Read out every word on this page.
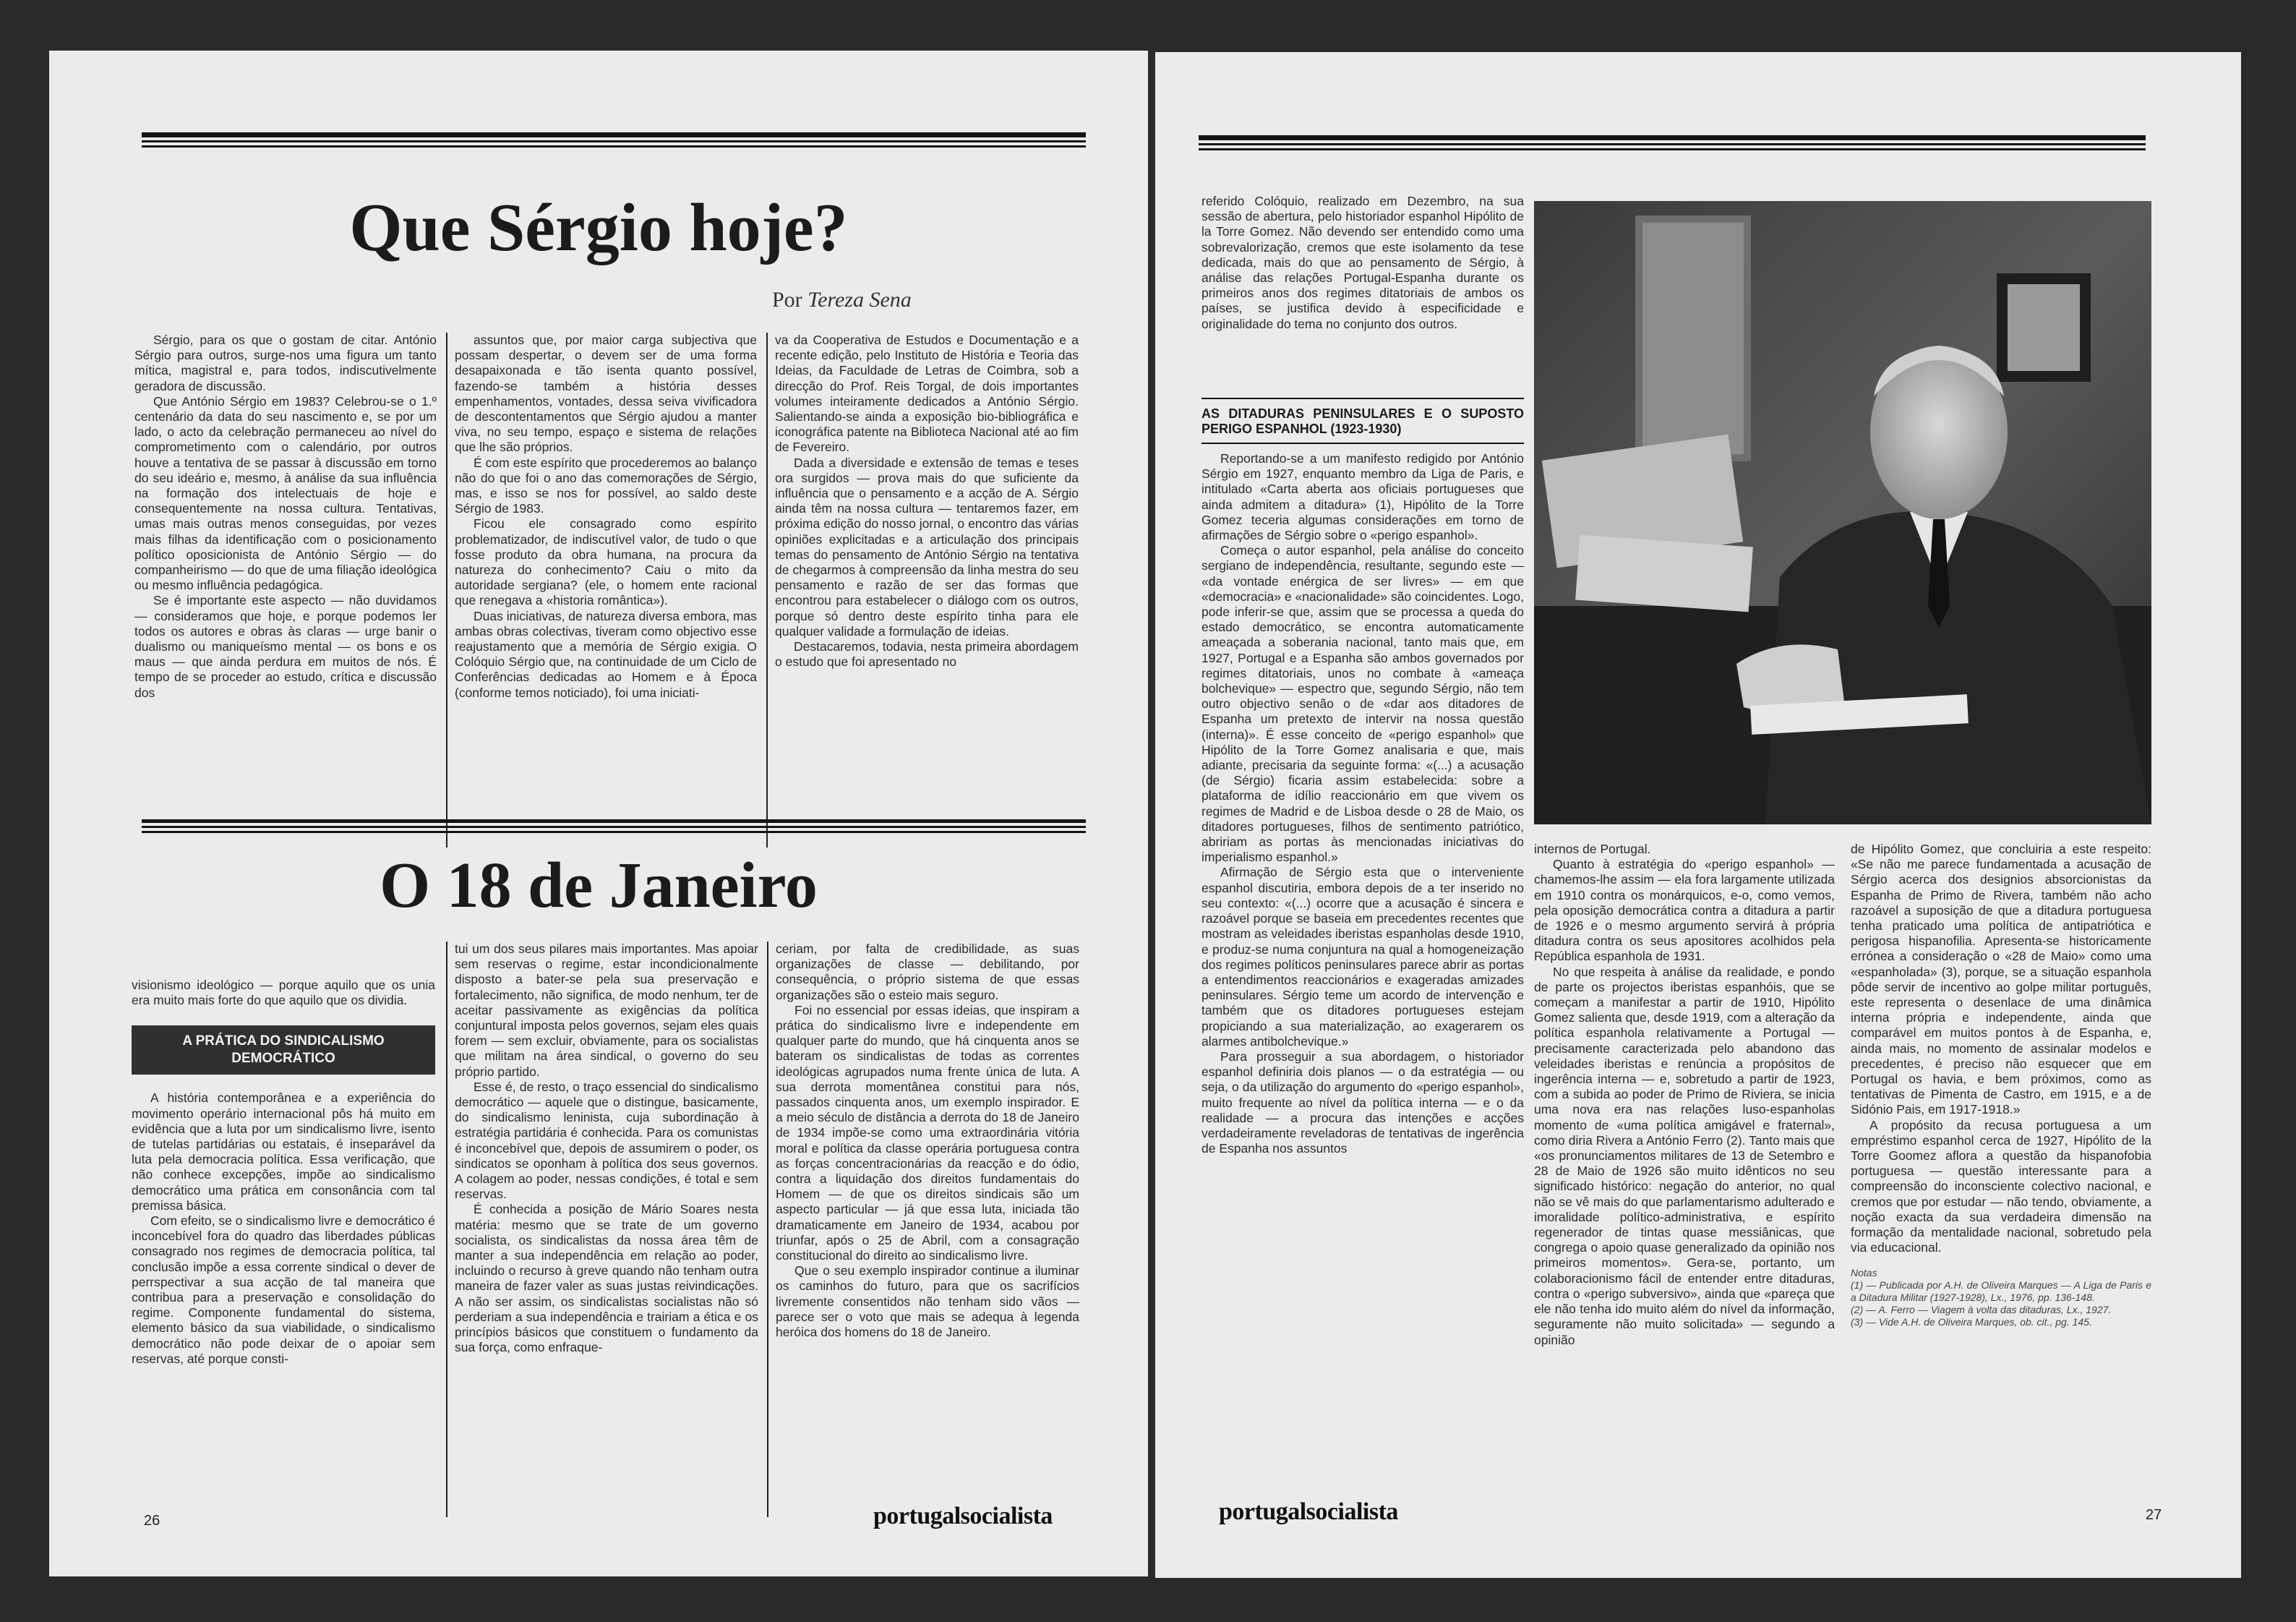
Que Sérgio hoje?
Por Tereza Sena

Sérgio, para os que o gostam de citar. António Sérgio para outros, surge-nos uma figura um tanto mítica, magistral e, para todos, indiscutivelmente geradora de discussão.

Que António Sérgio em 1983? Celebrou-se o 1.º centenário da data do seu nascimento e, se por um lado, o acto da celebração permaneceu ao nível do comprometimento com o calendário, por outros houve a tentativa de se passar à discussão em torno do seu ideário e, mesmo, à análise da sua influência na formação dos intelectuais de hoje e consequentemente na nossa cultura. Tentativas, umas mais outras menos conseguidas, por vezes mais filhas da identificação com o posicionamento político oposicionista de António Sérgio — do companheirismo — do que de uma filiação ideológica ou mesmo influência pedagógica.

Se é importante este aspecto — não duvidamos — consideramos que hoje, e porque podemos ler todos os autores e obras às claras — urge banir o dualismo ou maniqueísmo mental — os bons e os maus — que ainda perdura em muitos de nós. É tempo de se proceder ao estudo, crítica e discussão dos

assuntos que, por maior carga subjectiva que possam despertar, o devem ser de uma forma desapaixonada e tão isenta quanto possível, fazendo-se também a história desses empenhamentos, vontades, dessa seiva vivificadora de descontentamentos que Sérgio ajudou a manter viva, no seu tempo, espaço e sistema de relações que lhe são próprios.

É com este espírito que procederemos ao balanço não do que foi o ano das comemorações de Sérgio, mas, e isso se nos for possível, ao saldo deste Sérgio de 1983.

Ficou ele consagrado como espírito problematizador, de indiscutível valor, de tudo o que fosse produto da obra humana, na procura da natureza do conhecimento? Caiu o mito da autoridade sergiana? (ele, o homem ente racional que renegava a «historia romântica»).

Duas iniciativas, de natureza diversa embora, mas ambas obras colectivas, tiveram como objectivo esse reajustamento que a memória de Sérgio exigia. O Colóquio Sérgio que, na continuidade de um Ciclo de Conferências dedicadas ao Homem e à Época (conforme temos noticiado), foi uma iniciati-

va da Cooperativa de Estudos e Documentação e a recente edição, pelo Instituto de História e Teoria das Ideias, da Faculdade de Letras de Coimbra, sob a direcção do Prof. Reis Torgal, de dois importantes volumes inteiramente dedicados a António Sérgio. Salientando-se ainda a exposição bio-bibliográfica e iconográfica patente na Biblioteca Nacional até ao fim de Fevereiro.

Dada a diversidade e extensão de temas e teses ora surgidos — prova mais do que suficiente da influência que o pensamento e a acção de A. Sérgio ainda têm na nossa cultura — tentaremos fazer, em próxima edição do nosso jornal, o encontro das várias opiniões explicitadas e a articulação dos principais temas do pensamento de António Sérgio na tentativa de chegarmos à compreensão da linha mestra do seu pensamento e razão de ser das formas que encontrou para estabelecer o diálogo com os outros, porque só dentro deste espírito tinha para ele qualquer validade a formulação de ideias.

Destacaremos, todavia, nesta primeira abordagem o estudo que foi apresentado no

O 18 de Janeiro

visionismo ideológico — porque aquilo que os unia era muito mais forte do que aquilo que os dividia.

A PRÁTICA DO SINDICALISMO DEMOCRÁTICO

A história contemporânea e a experiência do movimento operário internacional pôs há muito em evidência que a luta por um sindicalismo livre, isento de tutelas partidárias ou estatais, é inseparável da luta pela democracia política. Essa verificação, que não conhece excepções, impõe ao sindicalismo democrático uma prática em consonância com tal premissa básica.

Com efeito, se o sindicalismo livre e democrático é inconcebível fora do quadro das liberdades públicas consagrado nos regimes de democracia política, tal conclusão impõe a essa corrente sindical o dever de perrspectivar a sua acção de tal maneira que contribua para a preservação e consolidação do regime. Componente fundamental do sistema, elemento básico da sua viabilidade, o sindicalismo democrático não pode deixar de o apoiar sem reservas, até porque consti-

tui um dos seus pilares mais importantes. Mas apoiar sem reservas o regime, estar incondicionalmente disposto a bater-se pela sua preservação e fortalecimento, não significa, de modo nenhum, ter de aceitar passivamente as exigências da política conjuntural imposta pelos governos, sejam eles quais forem — sem excluir, obviamente, para os socialistas que militam na área sindical, o governo do seu próprio partido.

Esse é, de resto, o traço essencial do sindicalismo democrático — aquele que o distingue, basicamente, do sindicalismo leninista, cuja subordinação à estratégia partidária é conhecida. Para os comunistas é inconcebível que, depois de assumirem o poder, os sindicatos se oponham à política dos seus governos. A colagem ao poder, nessas condições, é total e sem reservas.

É conhecida a posição de Mário Soares nesta matéria: mesmo que se trate de um governo socialista, os sindicalistas da nossa área têm de manter a sua independência em relação ao poder, incluindo o recurso à greve quando não tenham outra maneira de fazer valer as suas justas reivindicações. A não ser assim, os sindicalistas socialistas não só perderiam a sua independência e trairiam a ética e os princípios básicos que constituem o fundamento da sua força, como enfraque-

ceriam, por falta de credibilidade, as suas organizações de classe — debilitando, por consequência, o próprio sistema de que essas organizações são o esteio mais seguro.

Foi no essencial por essas ideias, que inspiram a prática do sindicalismo livre e independente em qualquer parte do mundo, que há cinquenta anos se bateram os sindicalistas de todas as correntes ideológicas agrupados numa frente única de luta. A sua derrota momentânea constitui para nós, passados cinquenta anos, um exemplo inspirador. E a meio século de distância a derrota do 18 de Janeiro de 1934 impõe-se como uma extraordinária vitória moral e política da classe operária portuguesa contra as forças concentracionárias da reacção e do ódio, contra a liquidação dos direitos fundamentais do Homem — de que os direitos sindicais são um aspecto particular — já que essa luta, iniciada tão dramaticamente em Janeiro de 1934, acabou por triunfar, após o 25 de Abril, com a consagração constitucional do direito ao sindicalismo livre.

Que o seu exemplo inspirador continue a iluminar os caminhos do futuro, para que os sacrifícios livremente consentidos não tenham sido vãos — parece ser o voto que mais se adequa à legenda heróica dos homens do 18 de Janeiro.

26	portugalsocialista

referido Colóquio, realizado em Dezembro, na sua sessão de abertura, pelo historiador espanhol Hipólito de la Torre Gomez. Não devendo ser entendido como uma sobrevalorização, cremos que este isolamento da tese dedicada, mais do que ao pensamento de Sérgio, à análise das relações Portugal-Espanha durante os primeiros anos dos regimes ditatoriais de ambos os países, se justifica devido à especificidade e originalidade do tema no conjunto dos outros.

AS DITADURAS PENINSULARES E O SUPOSTO PERIGO ESPANHOL (1923-1930)

Reportando-se a um manifesto redigido por António Sérgio em 1927, enquanto membro da Liga de Paris, e intitulado «Carta aberta aos oficiais portugueses que ainda admitem a ditadura» (1), Hipólito de la Torre Gomez teceria algumas considerações em torno de afirmações de Sérgio sobre o «perigo espanhol».

Começa o autor espanhol, pela análise do conceito sergiano de independência, resultante, segundo este — «da vontade enérgica de ser livres» — em que «democracia» e «nacionalidade» são coincidentes. Logo, pode inferir-se que, assim que se processa a queda do estado democrático, se encontra automaticamente ameaçada a soberania nacional, tanto mais que, em 1927, Portugal e a Espanha são ambos governados por regimes ditatoriais, unos no combate à «ameaça bolchevique» — espectro que, segundo Sérgio, não tem outro objectivo senão o de «dar aos ditadores de Espanha um pretexto de intervir na nossa questão (interna)». É esse conceito de «perigo espanhol» que Hipólito de la Torre Gomez analisaria e que, mais adiante, precisaria da seguinte forma: «(...) a acusação (de Sérgio) ficaria assim estabelecida: sobre a plataforma de idílio reaccionário em que vivem os regimes de Madrid e de Lisboa desde o 28 de Maio, os ditadores portugueses, filhos de sentimento patriótico, abririam as portas às mencionadas iniciativas do imperialismo espanhol.»

Afirmação de Sérgio esta que o interveniente espanhol discutiria, embora depois de a ter inserido no seu contexto: «(...) ocorre que a acusação é sincera e razoável porque se baseia em precedentes recentes que mostram as veleidades iberistas espanholas desde 1910, e produz-se numa conjuntura na qual a homogeneização dos regimes políticos peninsulares parece abrir as portas a entendimentos reaccionários e exageradas amizades peninsulares. Sérgio teme um acordo de intervenção e também que os ditadores portugueses estejam propiciando a sua materialização, ao exagerarem os alarmes antibolchevique.»

Para prosseguir a sua abordagem, o historiador espanhol definiria dois planos — o da estratégia — ou seja, o da utilização do argumento do «perigo espanhol», muito frequente ao nível da política interna — e o da realidade — a procura das intenções e acções verdadeiramente reveladoras de tentativas de ingerência de Espanha nos assuntos

internos de Portugal.

Quanto à estratégia do «perigo espanhol» — chamemos-lhe assim — ela fora largamente utilizada em 1910 contra os monárquicos, e-o, como vemos, pela oposição democrática contra a ditadura a partir de 1926 e o mesmo argumento servirá à própria ditadura contra os seus apositores acolhidos pela República espanhola de 1931.

No que respeita à análise da realidade, e pondo de parte os projectos iberistas espanhóis, que se começam a manifestar a partir de 1910, Hipólito Gomez salienta que, desde 1919, com a alteração da política espanhola relativamente a Portugal — precisamente caracterizada pelo abandono das veleidades iberistas e renúncia a propósitos de ingerência interna — e, sobretudo a partir de 1923, com a subida ao poder de Primo de Riviera, se inicia uma nova era nas relações luso-espanholas momento de «uma política amigável e fraternal», como diria Rivera a António Ferro (2). Tanto mais que «os pronunciamentos militares de 13 de Setembro e 28 de Maio de 1926 são muito idênticos no seu significado histórico: negação do anterior, no qual não se vê mais do que parlamentarismo adulterado e imoralidade político-administrativa, e espírito regenerador de tintas quase messiânicas, que congrega o apoio quase generalizado da opinião nos primeiros momentos». Gera-se, portanto, um colaboracionismo fácil de entender entre ditaduras, contra o «perigo subversivo», ainda que «pareça que ele não tenha ido muito além do nível da informação, seguramente não muito solicitada» — segundo a opinião

de Hipólito Gomez, que concluiria a este respeito: «Se não me parece fundamentada a acusação de Sérgio acerca dos designios absorcionistas da Espanha de Primo de Rivera, também não acho razoável a suposição de que a ditadura portuguesa tenha praticado uma política de antipatriótica e perigosa hispanofilia. Apresenta-se historicamente errónea a consideração o «28 de Maio» como uma «espanholada» (3), porque, se a situação espanhola pôde servir de incentivo ao golpe militar português, este representa o desenlace de uma dinâmica interna própria e independente, ainda que comparável em muitos pontos à de Espanha, e, ainda mais, no momento de assinalar modelos e precedentes, é preciso não esquecer que em Portugal os havia, e bem próximos, como as tentativas de Pimenta de Castro, em 1915, e a de Sidónio Pais, em 1917-1918.»

A propósito da recusa portuguesa a um empréstimo espanhol cerca de 1927, Hipólito de la Torre Goomez aflora a questão da hispanofobia portuguesa — questão interessante para a compreensão do inconsciente colectivo nacional, e cremos que por estudar — não tendo, obviamente, a noção exacta da sua verdadeira dimensão na formação da mentalidade nacional, sobretudo pela via educacional.

Notas
(1) — Publicada por A.H. de Oliveira Marques — A Liga de Paris e a Ditadura Militar (1927-1928), Lx., 1976, pp. 136-148.
(2) — A. Ferro — Viagem à volta das ditaduras, Lx., 1927.
(3) — Vide A.H. de Oliveira Marques, ob. cit., pg. 145.
portugalsocialista	27
